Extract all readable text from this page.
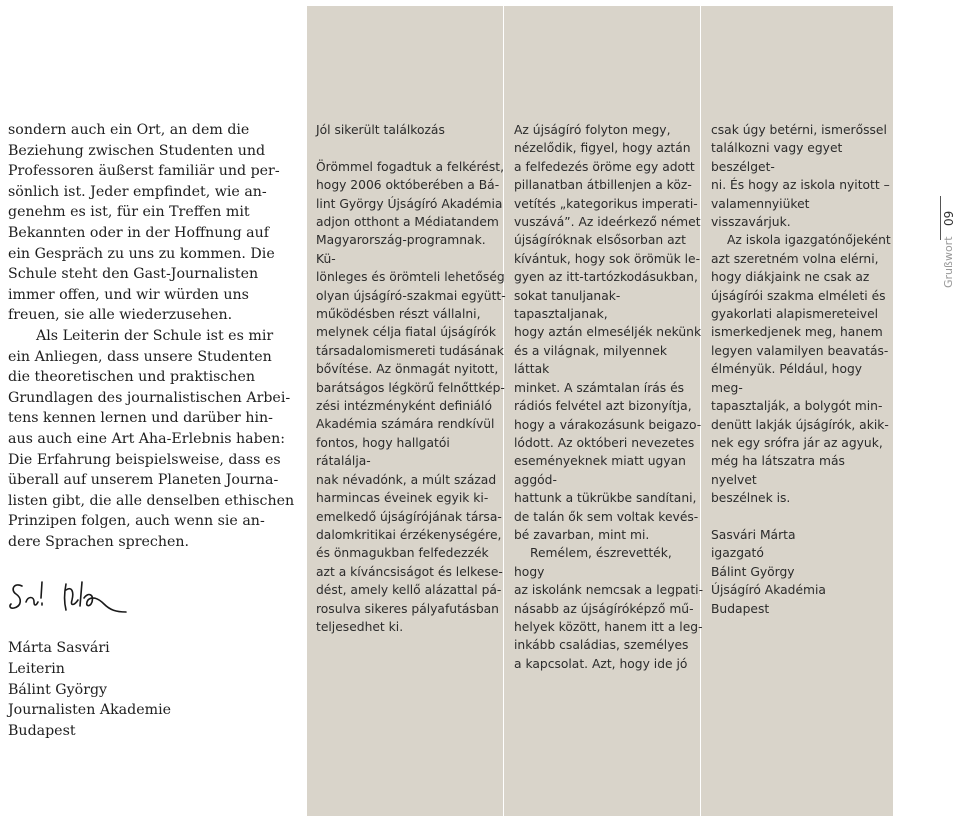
sondern auch ein Ort, an dem die
Beziehung zwischen Studenten und
Professoren äußerst familiär und per-
sönlich ist. Jeder empfindet, wie an-
genehm es ist, für ein Treffen mit
Bekannten oder in der Hoffnung auf
ein Gespräch zu uns zu kommen. Die
Schule steht den Gast-Journalisten
immer offen, und wir würden uns
freuen, sie alle wiederzusehen.

Als Leiterin der Schule ist es mir
ein Anliegen, dass unsere Studenten
die theoretischen und praktischen
Grundlagen des journalistischen Arbei-
tens kennen lernen und darüber hin-
aus auch eine Art Aha-Erlebnis haben:
Die Erfahrung beispielsweise, dass es
überall auf unserem Planeten Journa-
listen gibt, die alle denselben ethischen
Prinzipen folgen, auch wenn sie an-
dere Sprachen sprechen.

Márta Sasvári
Leiterin
Bálint György
Journalisten Akademie
Budapest

Jól sikerült találkozás

Örömmel fogadtuk a felkérést,
hogy 2006 októberében a Bá-
lint György Újságíró Akadémia
adjon otthont a Médiatandem
Magyarország-programnak. Kü-
lönleges és örömteli lehetőség
olyan újságíró-szakmai együtt-
működésben részt vállalni,
melynek célja fiatal újságírók
társadalomismereti tudásának
bővítése. Az önmagát nyitott,
barátságos légkörű felnőttkép-
zési intézményként definiáló
Akadémia számára rendkívül
fontos, hogy hallgatói rátalálja-
nak névadónk, a múlt század
harmincas éveinek egyik ki-
emelkedő újságírójának társa-
dalomkritikai érzékenységére,
és önmagukban felfedezzék
azt a kíváncsiságot és lelkese-
dést, amely kellő alázattal pá-
rosulva sikeres pályafutásban
teljesedhet ki.

Az újságíró folyton megy,
nézelődik, figyel, hogy aztán
a felfedezés öröme egy adott
pillanatban átbillenjen a köz-
vetítés „kategorikus imperati-
vuszává”. Az ideérkező német
újságíróknak elsősorban azt
kívántuk, hogy sok örömük le-
gyen az itt-tartózkodásukban,
sokat tanuljanak-tapasztaljanak,
hogy aztán elmeséljék nekünk
és a világnak, milyennek láttak
minket. A számtalan írás és
rádiós felvétel azt bizonyítja,
hogy a várakozásunk beigazo-
lódott. Az októberi nevezetes
eseményeknek miatt ugyan aggód-
hattunk a tükrükbe sandítani,
de talán ők sem voltak kevés-
bé zavarban, mint mi.

Remélem, észrevették, hogy
az iskolánk nemcsak a legpati-
násabb az újságíróképző mű-
helyek között, hanem itt a leg-
inkább családias, személyes
a kapcsolat. Azt, hogy ide jó

csak úgy betérni, ismerőssel
találkozni vagy egyet beszélget-
ni. És hogy az iskola nyitott –
valamennyiüket visszavárjuk.

Az iskola igazgatónőjeként
azt szeretném volna elérni,
hogy diákjaink ne csak az
újságírói szakma elméleti és
gyakorlati alapismereteivel
ismerkedjenek meg, hanem
legyen valamilyen beavatás-
élményük. Például, hogy meg-
tapasztalják, a bolygót min-
denütt lakják újságírók, akik-
nek egy srófra jár az agyuk,
még ha látszatra más nyelvet
beszélnek is.

Sasvári Márta
igazgató
Bálint György
Újságíró Akadémia
Budapest
09
Grußwort
